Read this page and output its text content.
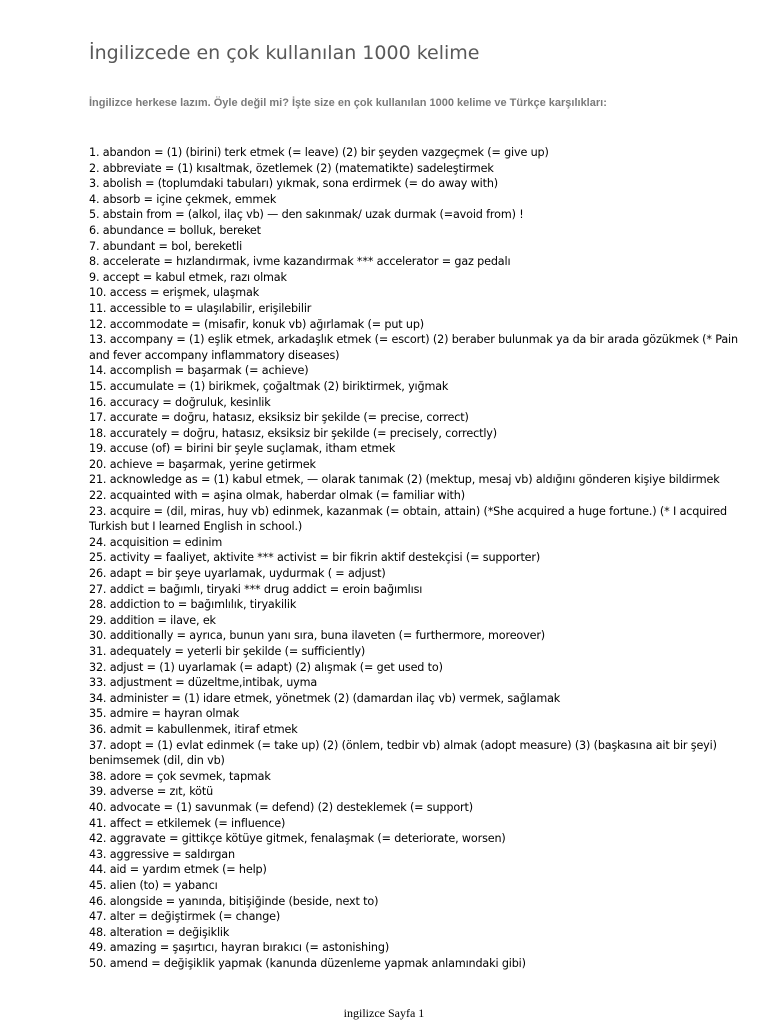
İngilizcede en çok kullanılan 1000 kelime

İngilizce herkese lazım. Öyle değil mi? İşte size en çok kullanılan 1000 kelime ve Türkçe karşılıkları:

1. abandon = (1) (birini) terk etmek (= leave) (2) bir şeyden vazgeçmek (= give up)
2. abbreviate = (1) kısaltmak, özetlemek (2) (matematikte) sadeleştirmek
3. abolish = (toplumdaki tabuları) yıkmak, sona erdirmek (= do away with)
4. absorb = içine çekmek, emmek
5. abstain from = (alkol, ilaç vb) — den sakınmak/ uzak durmak (=avoid from) !
6. abundance = bolluk, bereket
7. abundant = bol, bereketli
8. accelerate = hızlandırmak, ivme kazandırmak *** accelerator = gaz pedalı
9. accept = kabul etmek, razı olmak
10. access = erişmek, ulaşmak
11. accessible to = ulaşılabilir, erişilebilir
12. accommodate = (misafir, konuk vb) ağırlamak (= put up)
13. accompany = (1) eşlik etmek, arkadaşlık etmek (= escort) (2) beraber bulunmak ya da bir arada gözükmek (* Pain and fever accompany inflammatory diseases)
14. accomplish = başarmak (= achieve)
15. accumulate = (1) birikmek, çoğaltmak (2) biriktirmek, yığmak
16. accuracy = doğruluk, kesinlik
17. accurate = doğru, hatasız, eksiksiz bir şekilde (= precise, correct)
18. accurately = doğru, hatasız, eksiksiz bir şekilde (= precisely, correctly)
19. accuse (of) = birini bir şeyle suçlamak, itham etmek
20. achieve = başarmak, yerine getirmek
21. acknowledge as = (1) kabul etmek, — olarak tanımak (2) (mektup, mesaj vb) aldığını gönderen kişiye bildirmek
22. acquainted with = aşina olmak, haberdar olmak (= familiar with)
23. acquire = (dil, miras, huy vb) edinmek, kazanmak (= obtain, attain) (*She acquired a huge fortune.) (* I acquired Turkish but I learned English in school.)
24. acquisition = edinim
25. activity = faaliyet, aktivite *** activist = bir fikrin aktif destekçisi (= supporter)
26. adapt = bir şeye uyarlamak, uydurmak ( = adjust)
27. addict = bağımlı, tiryaki *** drug addict = eroin bağımlısı
28. addiction to = bağımlılık, tiryakilik
29. addition = ilave, ek
30. additionally = ayrıca, bunun yanı sıra, buna ilaveten (= furthermore, moreover)
31. adequately = yeterli bir şekilde (= sufficiently)
32. adjust = (1) uyarlamak (= adapt) (2) alışmak (= get used to)
33. adjustment = düzeltme,intibak, uyma
34. administer = (1) idare etmek, yönetmek (2) (damardan ilaç vb) vermek, sağlamak
35. admire = hayran olmak
36. admit = kabullenmek, itiraf etmek
37. adopt = (1) evlat edinmek (= take up) (2) (önlem, tedbir vb) almak (adopt measure) (3) (başkasına ait bir şeyi) benimsemek (dil, din vb)
38. adore = çok sevmek, tapmak
39. adverse = zıt, kötü
40. advocate = (1) savunmak (= defend) (2) desteklemek (= support)
41. affect = etkilemek (= influence)
42. aggravate = gittikçe kötüye gitmek, fenalaşmak (= deteriorate, worsen)
43. aggressive = saldırgan
44. aid = yardım etmek (= help)
45. alien (to) = yabancı
46. alongside = yanında, bitişiğinde (beside, next to)
47. alter = değiştirmek (= change)
48. alteration = değişiklik
49. amazing = şaşırtıcı, hayran bırakıcı (= astonishing)
50. amend = değişiklik yapmak (kanunda düzenleme yapmak anlamındaki gibi)
ingilizce Sayfa 1
